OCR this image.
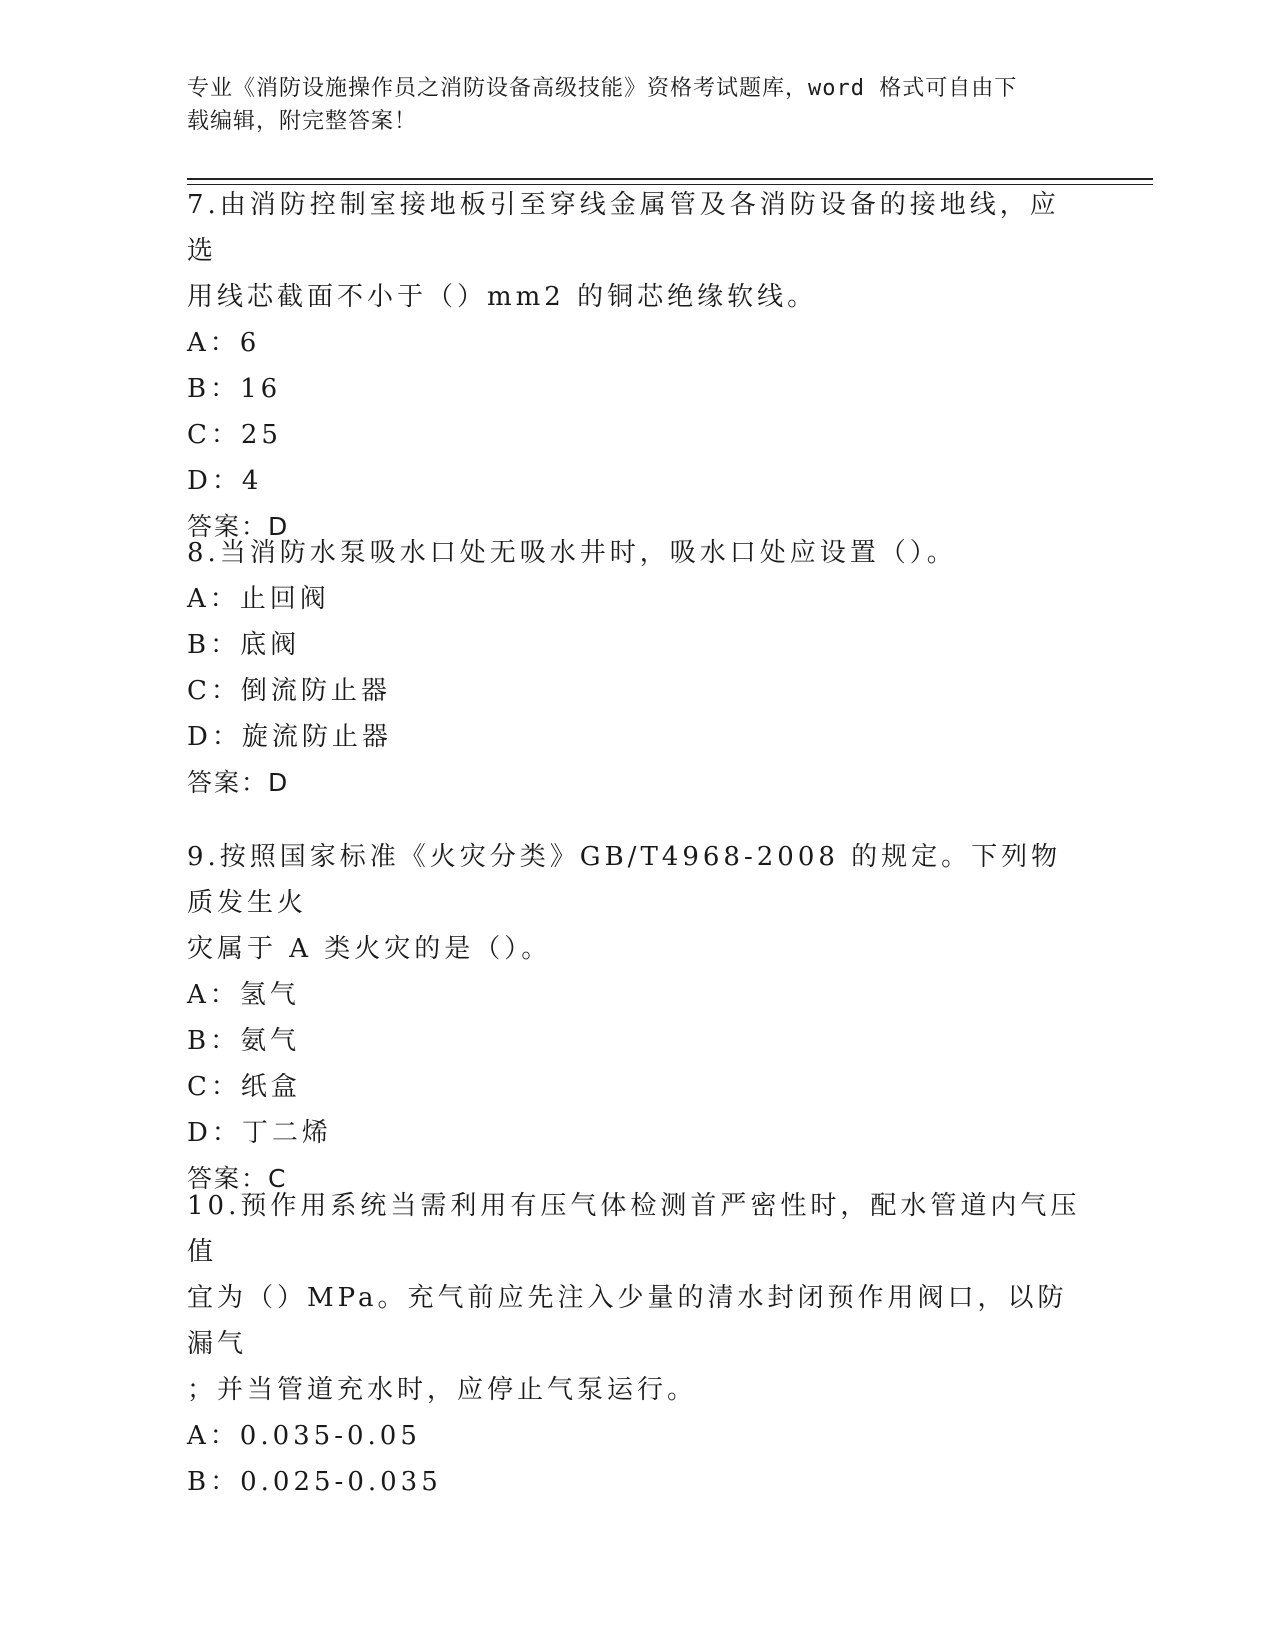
专业《消防设施操作员之消防设备高级技能》资格考试题库，word 格式可自由下
载编辑，附完整答案！
7.由消防控制室接地板引至穿线金属管及各消防设备的接地线，应选
用线芯截面不小于（）mm2 的铜芯绝缘软线。
A：6
B：16
C：25
D：4
答案：D
8.当消防水泵吸水口处无吸水井时，吸水口处应设置（）。
A：止回阀
B：底阀
C：倒流防止器
D：旋流防止器
答案：D
9.按照国家标准《火灾分类》GB/T4968-2008 的规定。下列物质发生火
灾属于 A 类火灾的是（）。
A：氢气
B：氨气
C：纸盒
D：丁二烯
答案：C
10.预作用系统当需利用有压气体检测首严密性时，配水管道内气压值
宜为（）MPa。充气前应先注入少量的清水封闭预作用阀口，以防漏气
；并当管道充水时，应停止气泵运行。
A：0.035-0.05
B：0.025-0.035
